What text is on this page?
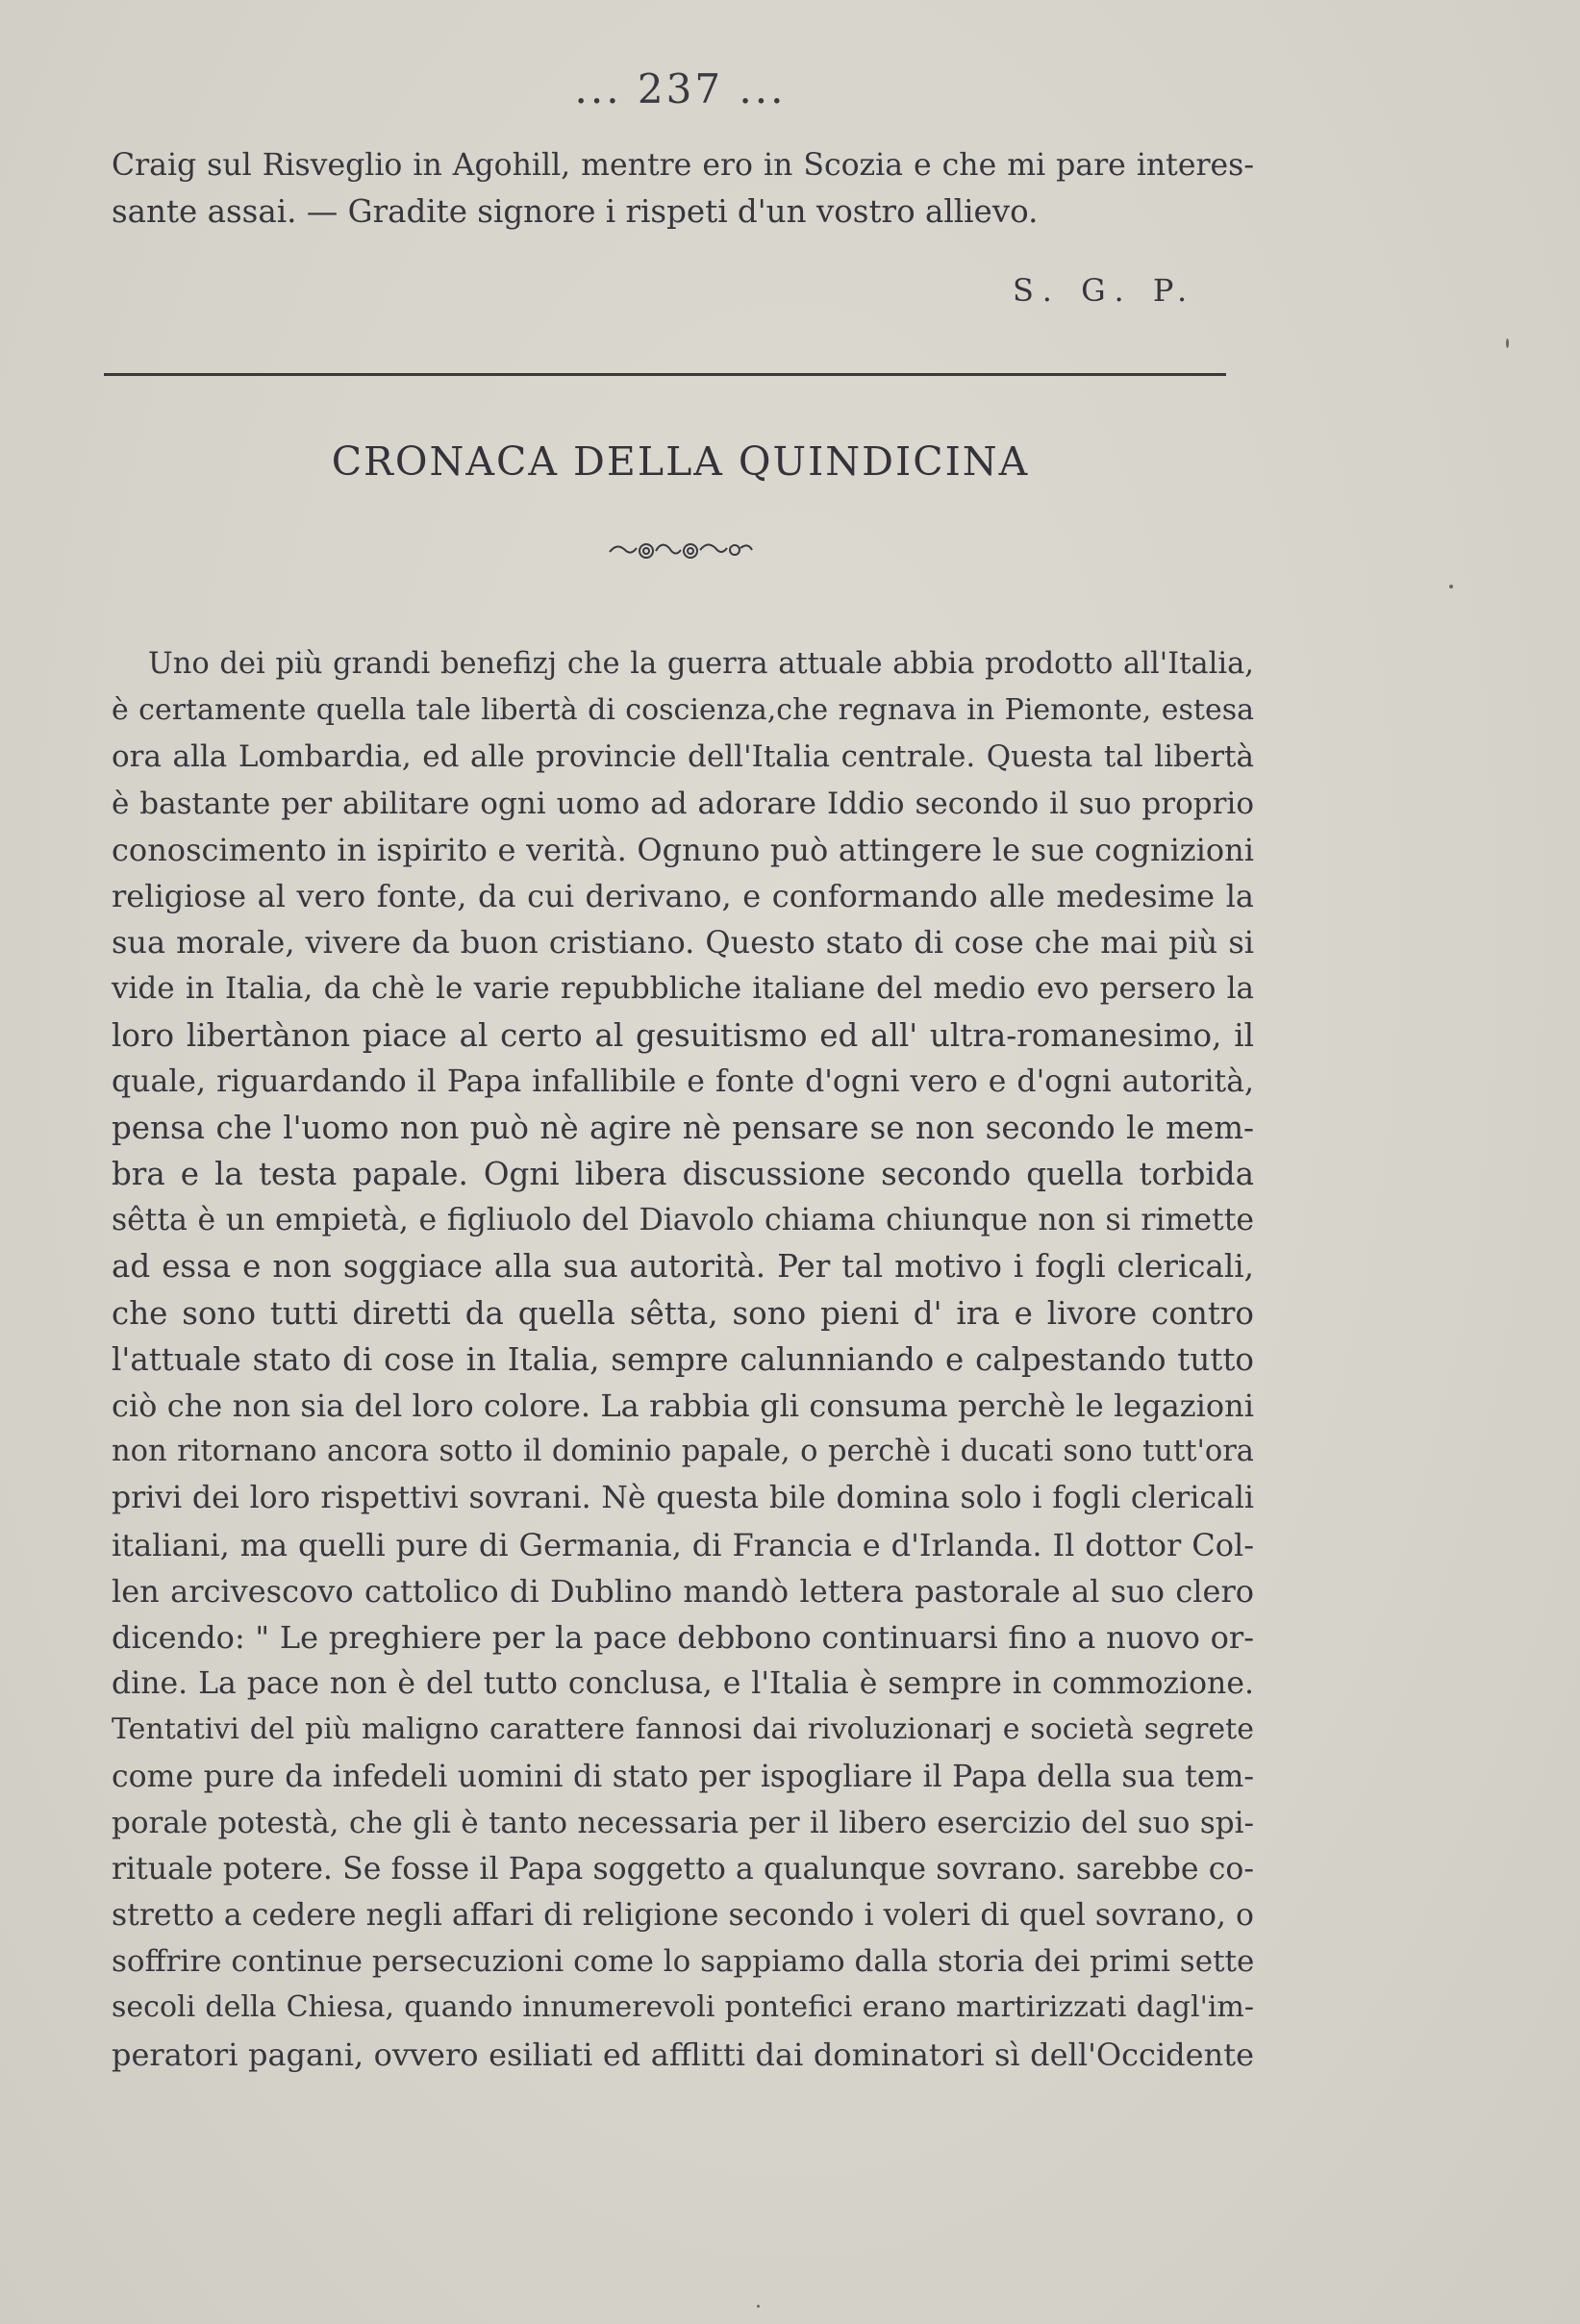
... 237 ...
Craig sul Risveglio in Agohill, mentre ero in Scozia e che mi pare interes-
sante assai. — Gradite signore i rispeti d'un vostro allievo.
S. G. P.
CRONACA DELLA QUINDICINA
Uno dei più grandi benefizj che la guerra attuale abbia prodotto all'Italia,
è certamente quella tale libertà di coscienza,che regnava in Piemonte, estesa
ora alla Lombardia, ed alle provincie dell'Italia centrale. Questa tal libertà
è bastante per abilitare ogni uomo ad adorare Iddio secondo il suo proprio
conoscimento in ispirito e verità. Ognuno può attingere le sue cognizioni
religiose al vero fonte, da cui derivano, e conformando alle medesime la
sua morale, vivere da buon cristiano. Questo stato di cose che mai più si
vide in Italia, da chè le varie repubbliche italiane del medio evo persero la
loro libertànon piace al certo al gesuitismo ed all' ultra-romanesimo, il
quale, riguardando il Papa infallibile e fonte d'ogni vero e d'ogni autorità,
pensa che l'uomo non può nè agire nè pensare se non secondo le mem-
bra e la testa papale. Ogni libera discussione secondo quella torbida
sêtta è un empietà, e figliuolo del Diavolo chiama chiunque non si rimette
ad essa e non soggiace alla sua autorità. Per tal motivo i fogli clericali,
che sono tutti diretti da quella sêtta, sono pieni d' ira e livore contro
l'attuale stato di cose in Italia, sempre calunniando e calpestando tutto
ciò che non sia del loro colore. La rabbia gli consuma perchè le legazioni
non ritornano ancora sotto il dominio papale, o perchè i ducati sono tutt'ora
privi dei loro rispettivi sovrani. Nè questa bile domina solo i fogli clericali
italiani, ma quelli pure di Germania, di Francia e d'Irlanda. Il dottor Col-
len arcivescovo cattolico di Dublino mandò lettera pastorale al suo clero
dicendo: " Le preghiere per la pace debbono continuarsi fino a nuovo or-
dine. La pace non è del tutto conclusa, e l'Italia è sempre in commozione.
Tentativi del più maligno carattere fannosi dai rivoluzionarj e società segrete
come pure da infedeli uomini di stato per ispogliare il Papa della sua tem-
porale potestà, che gli è tanto necessaria per il libero esercizio del suo spi-
rituale potere. Se fosse il Papa soggetto a qualunque sovrano. sarebbe co-
stretto a cedere negli affari di religione secondo i voleri di quel sovrano, o
soffrire continue persecuzioni come lo sappiamo dalla storia dei primi sette
secoli della Chiesa, quando innumerevoli pontefici erano martirizzati dagl'im-
peratori pagani, ovvero esiliati ed afflitti dai dominatori sì dell'Occidente
